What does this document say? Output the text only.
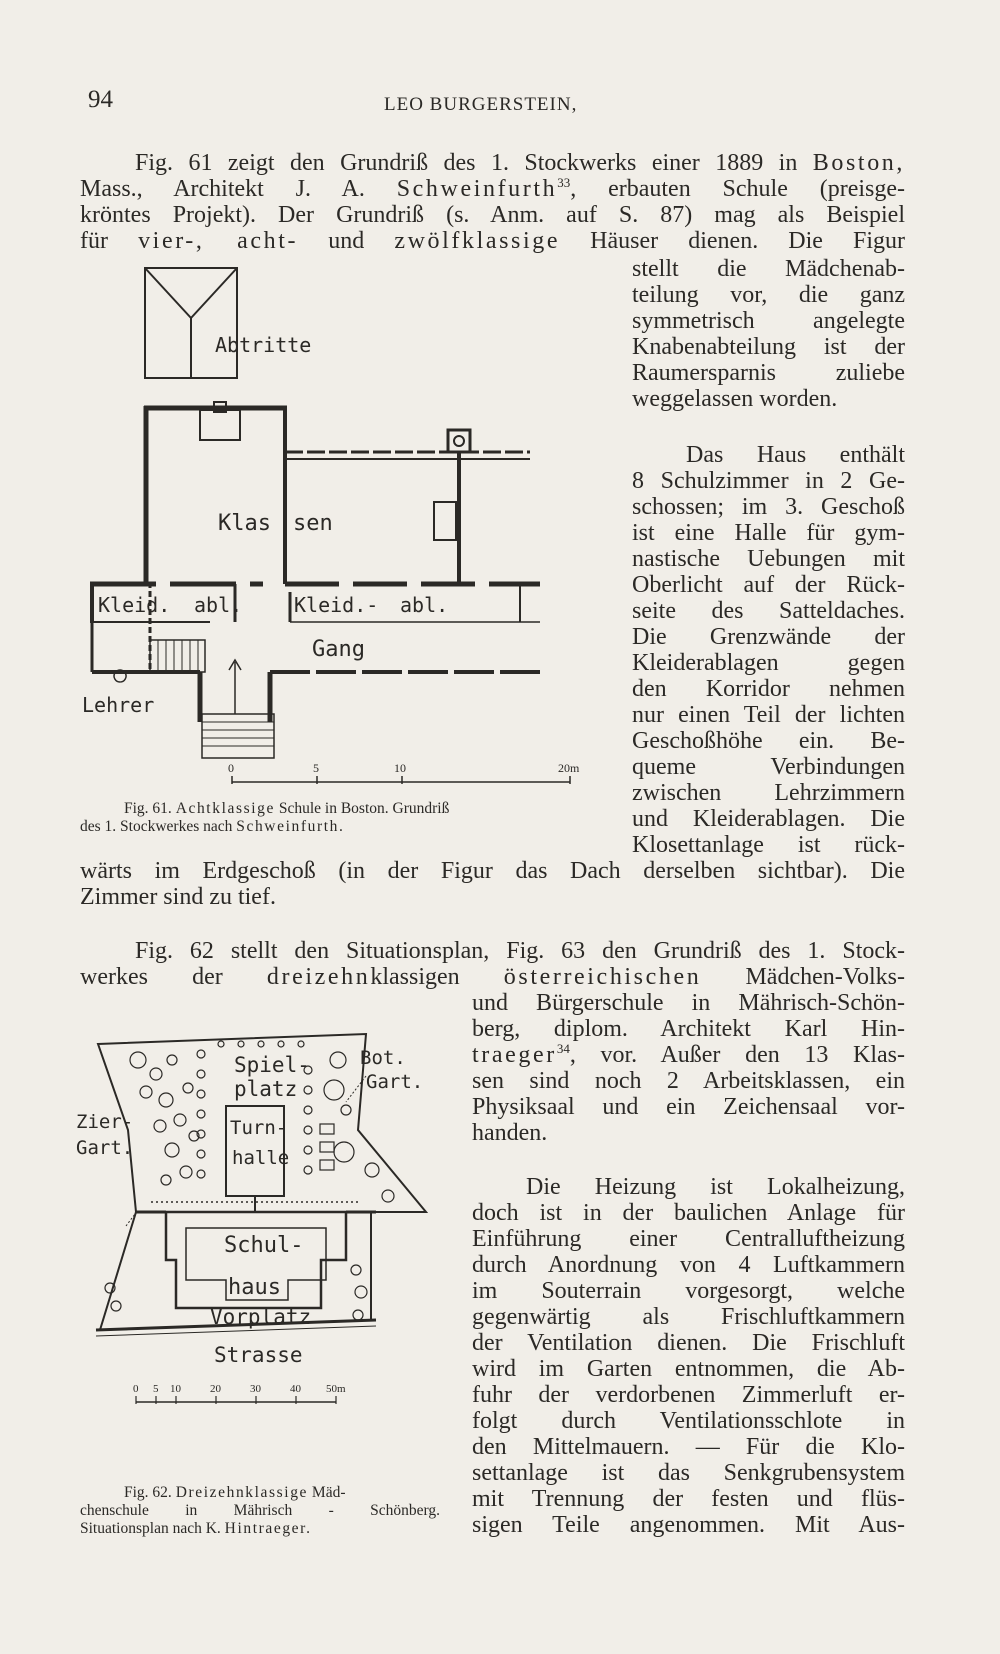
94	LEO BURGERSTEIN,
Fig. 61 zeigt den Grundriß des 1. Stockwerks einer 1889 in Boston,
Mass., Architekt J. A. Schweinfurth$^{33}$, erbauten Schule (preisge-
kröntes Projekt). Der Grundriß (s. Anm. auf S. 87) mag als Beispiel
für vier-, acht- und zwölfklassige Häuser dienen. Die Figur
stellt die Mädchenab-
teilung vor, die ganz
symmetrisch angelegte
Knabenabteilung ist der
Raumersparnis zuliebe
weggelassen worden.
Das Haus enthält
8 Schulzimmer in 2 Ge-
schossen; im 3. Geschoß
ist eine Halle für gym-
nastische Uebungen mit
Oberlicht auf der Rück-
seite des Satteldaches.
Die Grenzwände der
Kleiderablagen gegen
den Korridor nehmen
nur einen Teil der lichten
Geschoßhöhe ein. Be-
queme Verbindungen
zwischen Lehrzimmern
und Kleiderablagen. Die
Klosettanlage ist rück-
wärts im Erdgeschoß (in der Figur das Dach derselben sichtbar). Die
Zimmer sind zu tief.
Abtritte
Klas sen
Kleid. abl.	Kleid.- abl.
Gang
Lehrer
0	5	10	20m
Fig. 61. Achtklassige Schule in Boston. Grundriß
des 1. Stockwerkes nach Schweinfurth.
Fig. 62 stellt den Situationsplan, Fig. 63 den Grundriß des 1. Stock-
werkes der dreizehnklassigen österreichischen Mädchen-Volks-
und Bürgerschule in Mährisch-Schön-
berg, diplom. Architekt Karl Hin-
traeger$^{34}$, vor. Außer den 13 Klas-
sen sind noch 2 Arbeitsklassen, ein
Physiksaal und ein Zeichensaal vor-
handen.
Die Heizung ist Lokalheizung,
doch ist in der baulichen Anlage für
Einführung einer Centralluftheizung
durch Anordnung von 4 Luftkammern
im Souterrain vorgesorgt, welche
gegenwärtig als Frischluftkammern
der Ventilation dienen. Die Frischluft
wird im Garten entnommen, die Ab-
fuhr der verdorbenen Zimmerluft er-
folgt durch Ventilationsschlote in
den Mittelmauern. — Für die Klo-
settanlage ist das Senkgrubensystem
mit Trennung der festen und flüs-
sigen Teile angenommen. Mit Aus-
Spiel-
platz
Bot.
Gart.
Zier-
Gart.
Turn-
halle
Schul-
haus
Vorplatz
Strasse
0 5 10	20	30	40 50m
Fig. 62. Dreizehnklassige Mäd-
chenschule in Mährisch - Schönberg.
Situationsplan nach K. Hintraeger.
